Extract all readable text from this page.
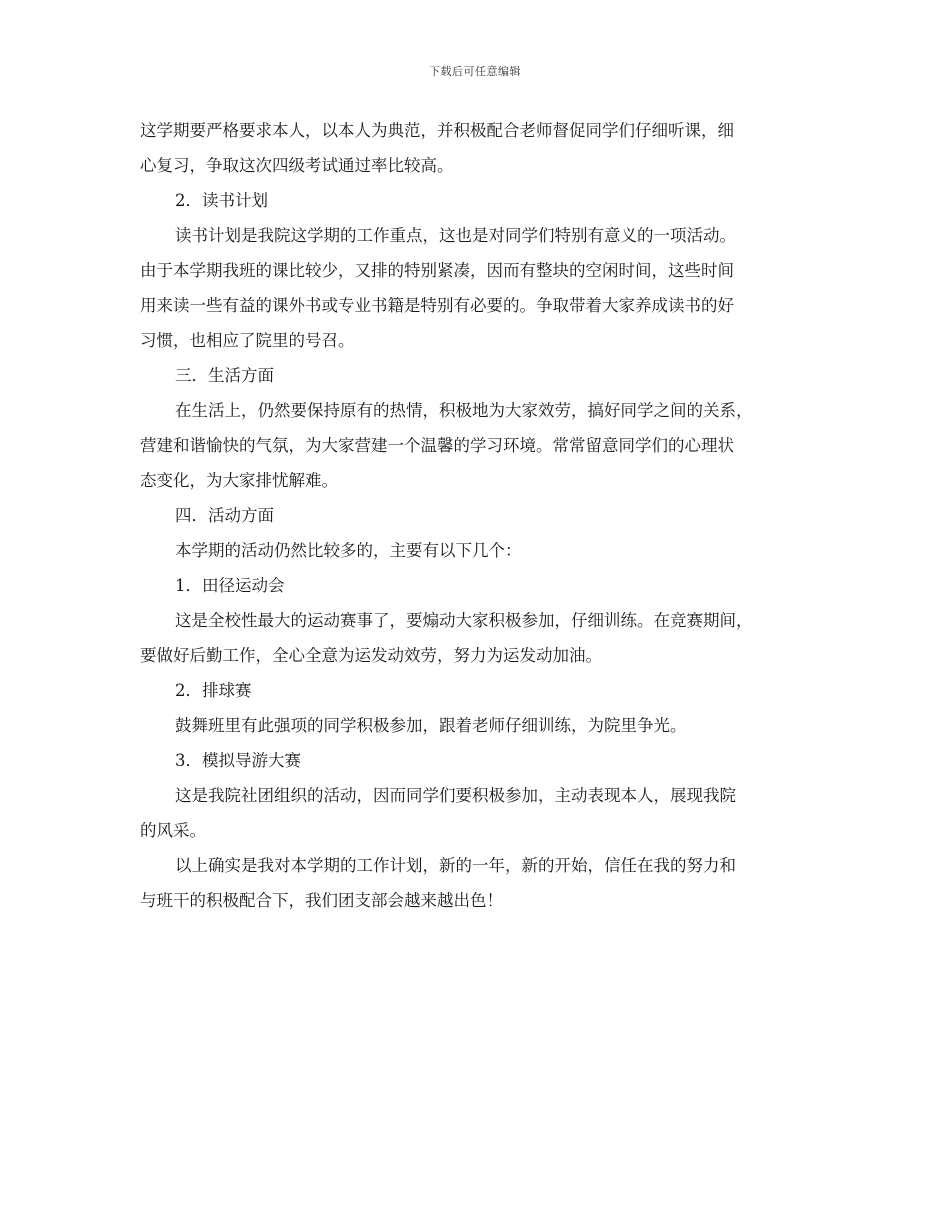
下载后可任意编辑
这学期要严格要求本人，以本人为典范，并积极配合老师督促同学们仔细听课，细
心复习，争取这次四级考试通过率比较高。
2．读书计划
读书计划是我院这学期的工作重点，这也是对同学们特别有意义的一项活动。
由于本学期我班的课比较少，又排的特别紧凑，因而有整块的空闲时间，这些时间
用来读一些有益的课外书或专业书籍是特别有必要的。争取带着大家养成读书的好
习惯，也相应了院里的号召。
三．生活方面
在生活上，仍然要保持原有的热情，积极地为大家效劳，搞好同学之间的关系，
营建和谐愉快的气氛，为大家营建一个温馨的学习环境。常常留意同学们的心理状
态变化，为大家排忧解难。
四．活动方面
本学期的活动仍然比较多的，主要有以下几个：
1．田径运动会
这是全校性最大的运动赛事了，要煽动大家积极参加，仔细训练。在竞赛期间，
要做好后勤工作，全心全意为运发动效劳，努力为运发动加油。
2．排球赛
鼓舞班里有此强项的同学积极参加，跟着老师仔细训练，为院里争光。
3．模拟导游大赛
这是我院社团组织的活动，因而同学们要积极参加，主动表现本人，展现我院
的风采。
以上确实是我对本学期的工作计划，新的一年，新的开始，信任在我的努力和
与班干的积极配合下，我们团支部会越来越出色！
